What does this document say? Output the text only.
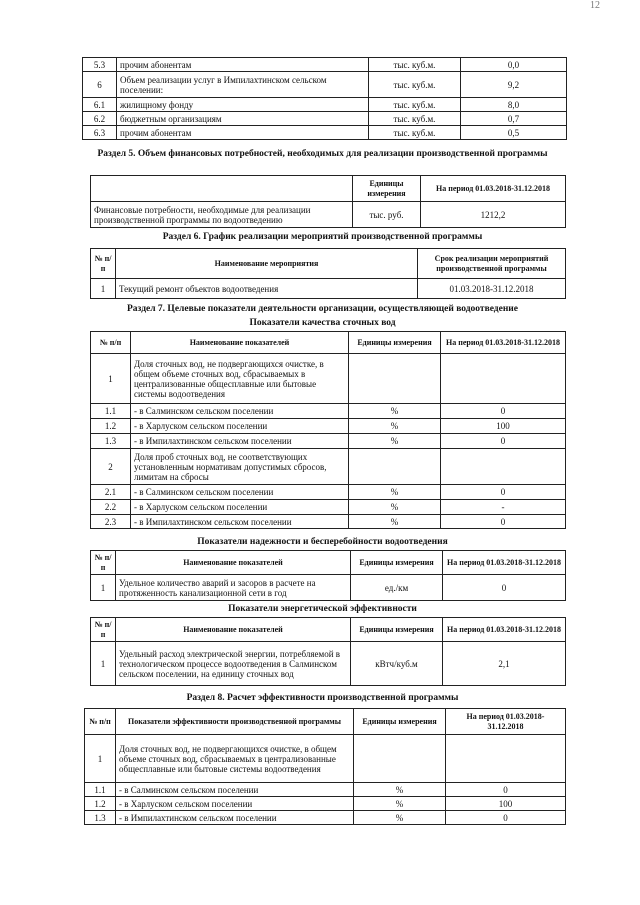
12
5.3	прочим абонентам	тыс. куб.м.	0,0
6	Объем реализации услуг в Импилахтинском сельском поселении:	тыс. куб.м.	9,2
6.1	жилищному фонду	тыс. куб.м.	8,0
6.2	бюджетным организациям	тыс. куб.м.	0,7
6.3	прочим абонентам	тыс. куб.м.	0,5
Раздел 5. Объем финансовых потребностей, необходимых для реализации производственной программы
	Единицы измерения	На период 01.03.2018-31.12.2018
Финансовые потребности, необходимые для реализации производственной программы по водоотведению	тыс. руб.	1212,2
Раздел 6. График реализации мероприятий производственной программы
№ п/п	Наименование мероприятия	Срок реализации мероприятий производственной программы
1	Текущий ремонт объектов водоотведения	01.03.2018-31.12.2018
Раздел 7. Целевые показатели деятельности организации, осуществляющей водоотведение
Показатели качества сточных вод
№ п/п	Наименование показателей	Единицы измерения	На период 01.03.2018-31.12.2018
1	Доля сточных вод, не подвергающихся очистке, в общем объеме сточных вод, сбрасываемых в централизованные общесплавные или бытовые системы водоотведения		
1.1	- в Салминском сельском поселении	%	0
1.2	- в Харлуском сельском поселении	%	100
1.3	- в Импилахтинском сельском поселении	%	0
2	Доля проб сточных вод, не соответствующих установленным нормативам допустимых сбросов, лимитам на сбросы		
2.1	- в Салминском сельском поселении	%	0
2.2	- в Харлуском сельском поселении	%	-
2.3	- в Импилахтинском сельском поселении	%	0
Показатели надежности и бесперебойности водоотведения
№ п/п	Наименование показателей	Единицы измерения	На период 01.03.2018-31.12.2018
1	Удельное количество аварий и засоров в расчете на протяженность канализационной сети в год	ед./км	0
Показатели энергетической эффективности
№ п/п	Наименование показателей	Единицы измерения	На период 01.03.2018-31.12.2018
1	Удельный расход электрической энергии, потребляемой в технологическом процессе водоотведения в Салминском сельском поселении, на единицу сточных вод	кВтч/куб.м	2,1
Раздел 8. Расчет эффективности производственной программы
№ п/п	Показатели эффективности производственной программы	Единицы измерения	На период 01.03.2018-31.12.2018
1	Доля сточных вод, не подвергающихся очистке, в общем объеме сточных вод, сбрасываемых в централизованные общесплавные или бытовые системы водоотведения		
1.1	- в Салминском сельском поселении	%	0
1.2	- в Харлуском сельском поселении	%	100
1.3	- в Импилахтинском сельском поселении	%	0
